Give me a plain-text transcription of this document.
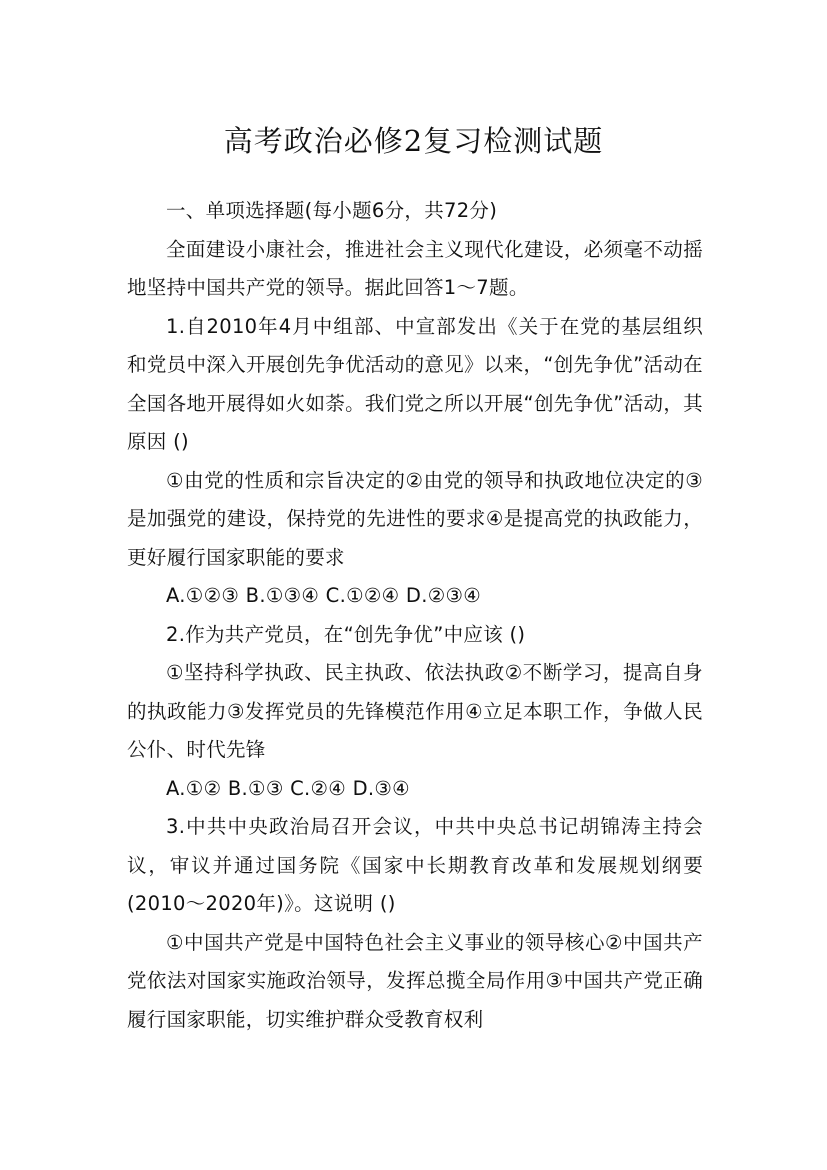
高考政治必修2复习检测试题

一、单项选择题(每小题6分，共72分)

全面建设小康社会，推进社会主义现代化建设，必须毫不动摇地坚持中国共产党的领导。据此回答1～7题。

1.自2010年4月中组部、中宣部发出《关于在党的基层组织和党员中深入开展创先争优活动的意见》以来，“创先争优”活动在全国各地开展得如火如荼。我们党之所以开展“创先争优”活动，其原因 ()

①由党的性质和宗旨决定的②由党的领导和执政地位决定的③是加强党的建设，保持党的先进性的要求④是提高党的执政能力，更好履行国家职能的要求

A.①②③ B.①③④ C.①②④ D.②③④

2.作为共产党员，在“创先争优”中应该 ()

①坚持科学执政、民主执政、依法执政②不断学习，提高自身的执政能力③发挥党员的先锋模范作用④立足本职工作，争做人民公仆、时代先锋

A.①② B.①③ C.②④ D.③④

3.中共中央政治局召开会议，中共中央总书记胡锦涛主持会议，审议并通过国务院《国家中长期教育改革和发展规划纲要(2010～2020年)》。这说明 ()

①中国共产党是中国特色社会主义事业的领导核心②中国共产党依法对国家实施政治领导，发挥总揽全局作用③中国共产党正确履行国家职能，切实维护群众受教育权利
